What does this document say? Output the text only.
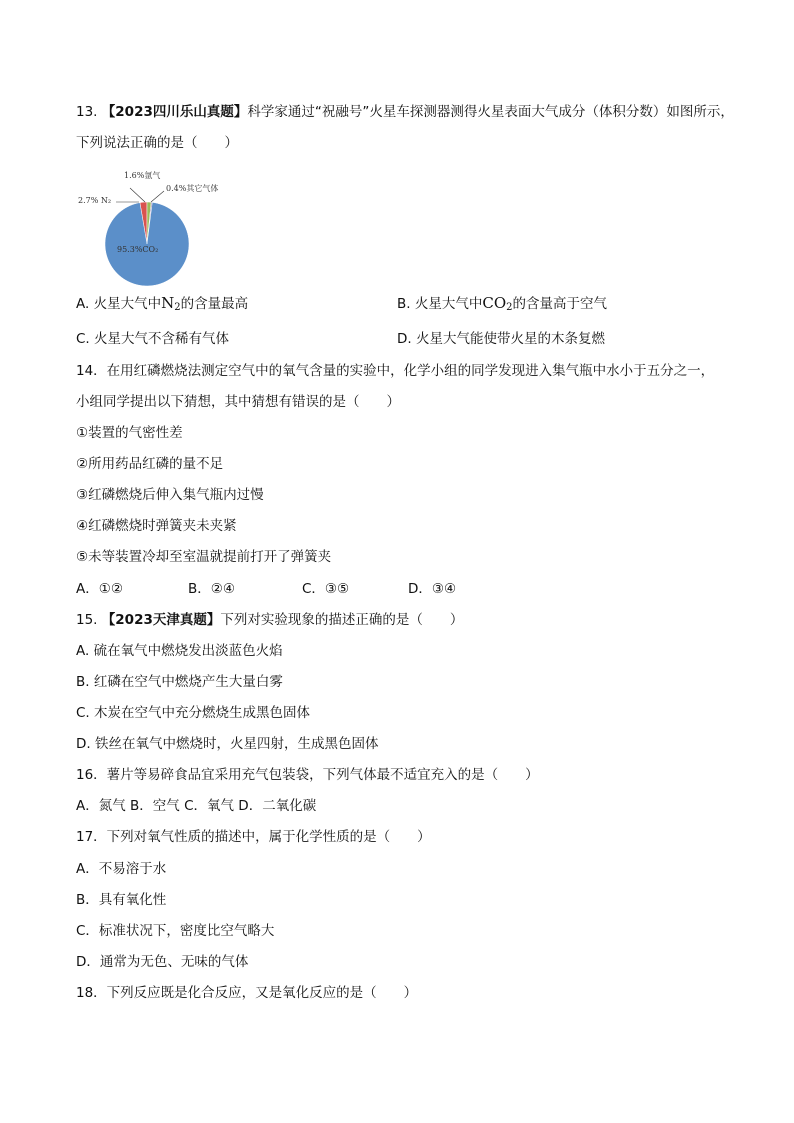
13. 【2023四川乐山真题】科学家通过“祝融号”火星车探测器测得火星表面大气成分（体积分数）如图所示，
下列说法正确的是（　　）
1.6%氩气
0.4%其它气体
2.7% N₂
95.3%CO₂
A. 火星大气中$N_2$的含量最高	B. 火星大气中$CO_2$的含量高于空气
C. 火星大气不含稀有气体	D. 火星大气能使带火星的木条复燃
14．在用红磷燃烧法测定空气中的氧气含量的实验中，化学小组的同学发现进入集气瓶中水小于五分之一，
小组同学提出以下猜想，其中猜想有错误的是（　　）
①装置的气密性差
②所用药品红磷的量不足
③红磷燃烧后伸入集气瓶内过慢
④红磷燃烧时弹簧夹未夹紧
⑤未等装置冷却至室温就提前打开了弹簧夹
A．①②	B．②④	C．③⑤	D．③④
15. 【2023天津真题】下列对实验现象的描述正确的是（　　）
A. 硫在氧气中燃烧发出淡蓝色火焰
B. 红磷在空气中燃烧产生大量白雾
C. 木炭在空气中充分燃烧生成黑色固体
D. 铁丝在氧气中燃烧时，火星四射，生成黑色固体
16．薯片等易碎食品宜采用充气包装袋，下列气体最不适宜充入的是（　　）
A．氮气 B．空气 C．氧气 D．二氧化碳
17．下列对氧气性质的描述中，属于化学性质的是（　　）
A．不易溶于水
B．具有氧化性
C．标准状况下，密度比空气略大
D．通常为无色、无味的气体
18．下列反应既是化合反应，又是氧化反应的是（　　）
